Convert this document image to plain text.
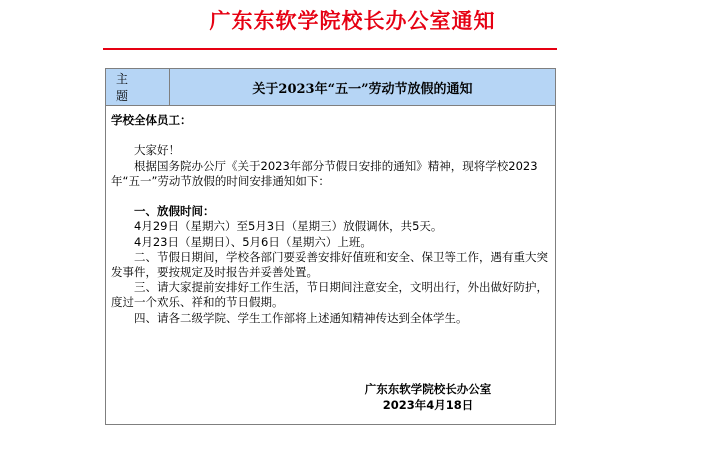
广东东软学院校长办公室通知
主 题	关于2023年“五一”劳动节放假的通知

学校全体员工：

大家好！

根据国务院办公厅《关于2023年部分节假日安排的通知》精神，现将学校2023年“五一”劳动节放假的时间安排通知如下：

一、放假时间：

4月29日（星期六）至5月3日（星期三）放假调休，共5天。

4月23日（星期日）、5月6日（星期六）上班。

二、节假日期间，学校各部门要妥善安排好值班和安全、保卫等工作，遇有重大突发事件，要按规定及时报告并妥善处置。

三、请大家提前安排好工作生活，节日期间注意安全，文明出行，外出做好防护，度过一个欢乐、祥和的节日假期。

四、请各二级学院、学生工作部将上述通知精神传达到全体学生。

广东东软学院校长办公室
2023年4月18日
